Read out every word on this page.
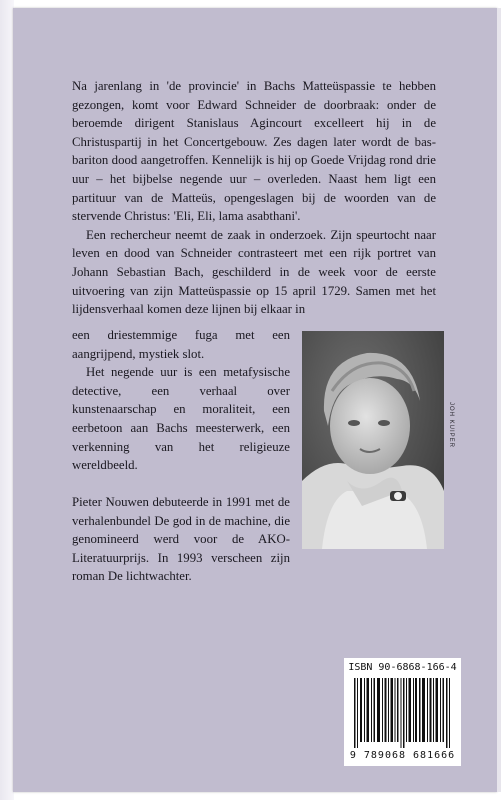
Na jarenlang in 'de provincie' in Bachs Matteüspassie te hebben gezongen, komt voor Edward Schneider de doorbraak: onder de beroemde dirigent Stanislaus Agincourt excelleert hij in de Christuspartij in het Concertgebouw. Zes dagen later wordt de bas-bariton dood aangetroffen. Kennelijk is hij op Goede Vrijdag rond drie uur – het bijbelse negende uur – overleden. Naast hem ligt een partituur van de Matteüs, opengeslagen bij de woorden van de stervende Christus: 'Eli, Eli, lama asabthani'.

Een rechercheur neemt de zaak in onderzoek. Zijn speurtocht naar leven en dood van Schneider contrasteert met een rijk portret van Johann Sebastian Bach, geschilderd in de week voor de eerste uitvoering van zijn Matteüspassie op 15 april 1729. Samen met het lijdensverhaal komen deze lijnen bij elkaar in

een driestemmige fuga met een aangrijpend, mystiek slot.

Het negende uur is een metafysische detective, een verhaal over kunstenaarschap en moraliteit, een eerbetoon aan Bachs meesterwerk, een verkenning van het religieuze wereldbeeld.

Pieter Nouwen debuteerde in 1991 met de verhalenbundel De god in de machine, die genomineerd werd voor de AKO-Literatuurprijs. In 1993 verscheen zijn roman De lichtwachter.

JOH KUIPER
ISBN 90-6868-166-4
9 789068 681666
